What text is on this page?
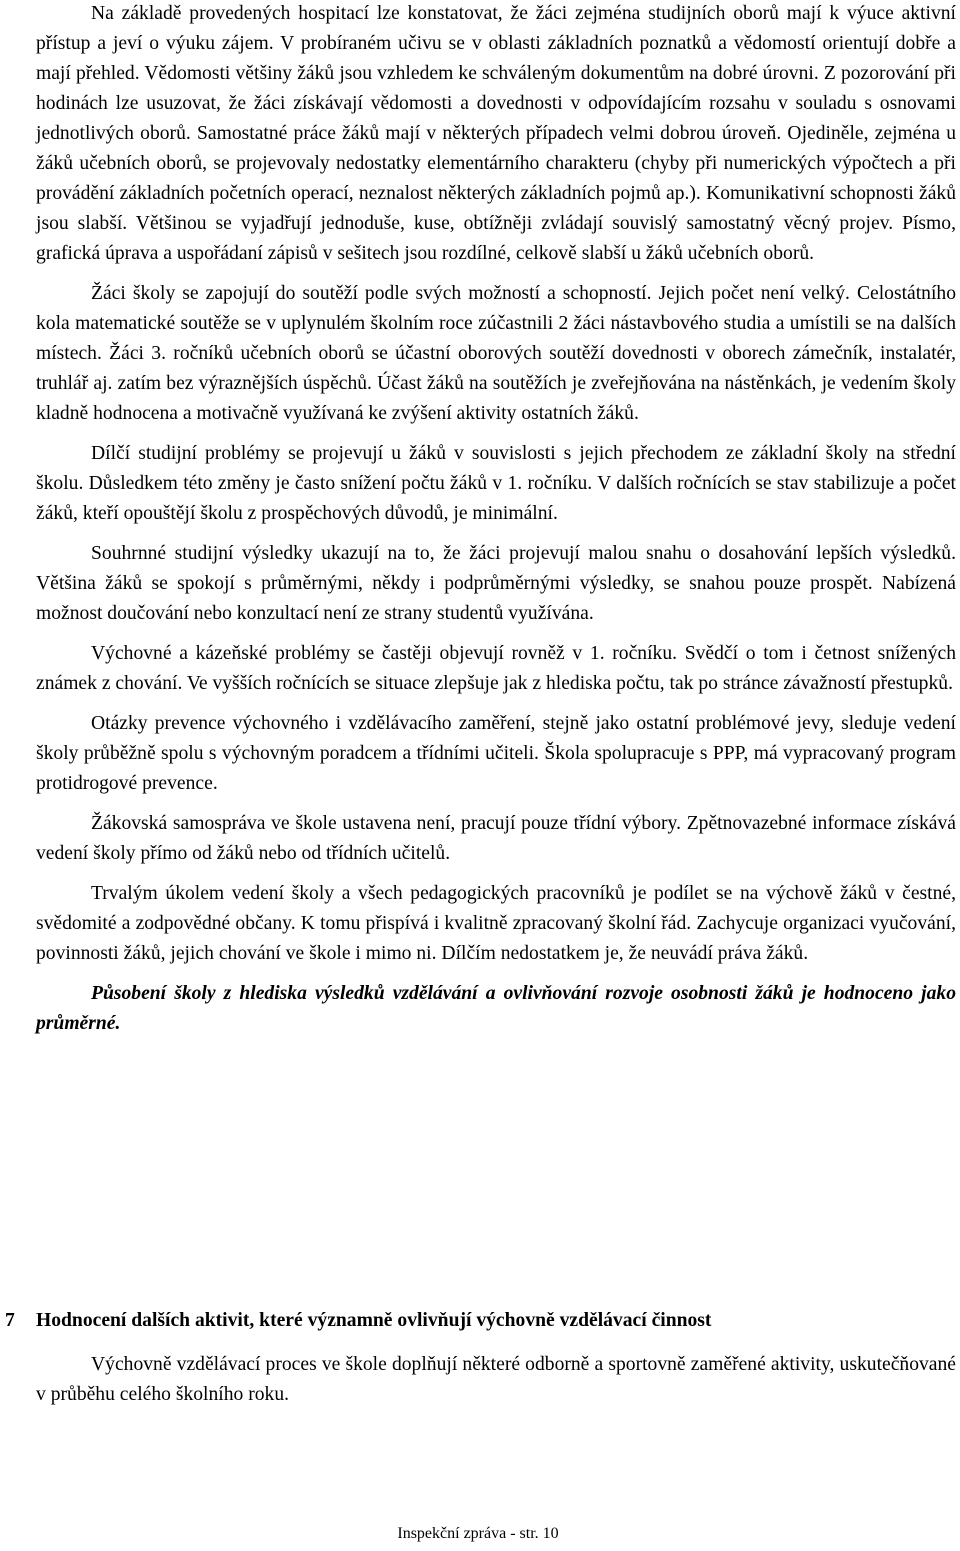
Na základě provedených hospitací lze konstatovat, že žáci zejména studijních oborů mají k výuce aktivní přístup a jeví o výuku zájem. V probíraném učivu se v oblasti základních poznatků a vědomostí orientují dobře a mají přehled. Vědomosti většiny žáků jsou vzhledem ke schváleným dokumentům na dobré úrovni. Z pozorování při hodinách lze usuzovat, že žáci získávají vědomosti a dovednosti v odpovídajícím rozsahu v souladu s osnovami jednotlivých oborů. Samostatné práce žáků mají v některých případech velmi dobrou úroveň. Ojediněle, zejména u žáků učebních oborů, se projevovaly nedostatky elementárního charakteru (chyby při numerických výpočtech a při provádění základních početních operací, neznalost některých základních pojmů ap.). Komunikativní schopnosti žáků jsou slabší. Většinou se vyjadřují jednoduše, kuse, obtížněji zvládají souvislý samostatný věcný projev. Písmo, grafická úprava a uspořádaní zápisů v sešitech jsou rozdílné, celkově slabší u žáků učebních oborů.

Žáci školy se zapojují do soutěží podle svých možností a schopností. Jejich počet není velký. Celostátního kola matematické soutěže se v uplynulém školním roce zúčastnili 2 žáci nástavbového studia a umístili se na dalších místech. Žáci 3. ročníků učebních oborů se účastní oborových soutěží dovednosti v oborech zámečník, instalatér, truhlář aj. zatím bez výraznějších úspěchů. Účast žáků na soutěžích je zveřejňována na nástěnkách, je vedením školy kladně hodnocena a motivačně využívaná ke zvýšení aktivity ostatních žáků.

Dílčí studijní problémy se projevují u žáků v souvislosti s jejich přechodem ze základní školy na střední školu. Důsledkem této změny je často snížení počtu žáků v 1. ročníku. V dalších ročnících se stav stabilizuje a počet žáků, kteří opouštějí školu z prospěchových důvodů, je minimální.

Souhrnné studijní výsledky ukazují na to, že žáci projevují malou snahu o dosahování lepších výsledků. Většina žáků se spokojí s průměrnými, někdy i podprůměrnými výsledky, se snahou pouze prospět. Nabízená možnost doučování nebo konzultací není ze strany studentů využívána.

Výchovné a kázeňské problémy se častěji objevují rovněž v 1. ročníku. Svědčí o tom i četnost snížených známek z chování. Ve vyšších ročnících se situace zlepšuje jak z hlediska počtu, tak po stránce závažností přestupků.

Otázky prevence výchovného i vzdělávacího zaměření, stejně jako ostatní problémové jevy, sleduje vedení školy průběžně spolu s výchovným poradcem a třídními učiteli. Škola spolupracuje s PPP, má vypracovaný program protidrogové prevence.

Žákovská samospráva ve škole ustavena není, pracují pouze třídní výbory. Zpětnovazebné informace získává vedení školy přímo od žáků nebo od třídních učitelů.

Trvalým úkolem vedení školy a všech pedagogických pracovníků je podílet se na výchově žáků v čestné, svědomité a zodpovědné občany. K tomu přispívá i kvalitně zpracovaný školní řád. Zachycuje organizaci vyučování, povinnosti žáků, jejich chování ve škole i mimo ni. Dílčím nedostatkem je, že neuvádí práva žáků.

Působení školy z hlediska výsledků vzdělávání a ovlivňování rozvoje osobnosti žáků je hodnoceno jako průměrné.

7 Hodnocení dalších aktivit, které významně ovlivňují výchovně vzdělávací činnost

Výchovně vzdělávací proces ve škole doplňují některé odborně a sportovně zaměřené aktivity, uskutečňované v průběhu celého školního roku.

Inspekční zpráva - str. 10
